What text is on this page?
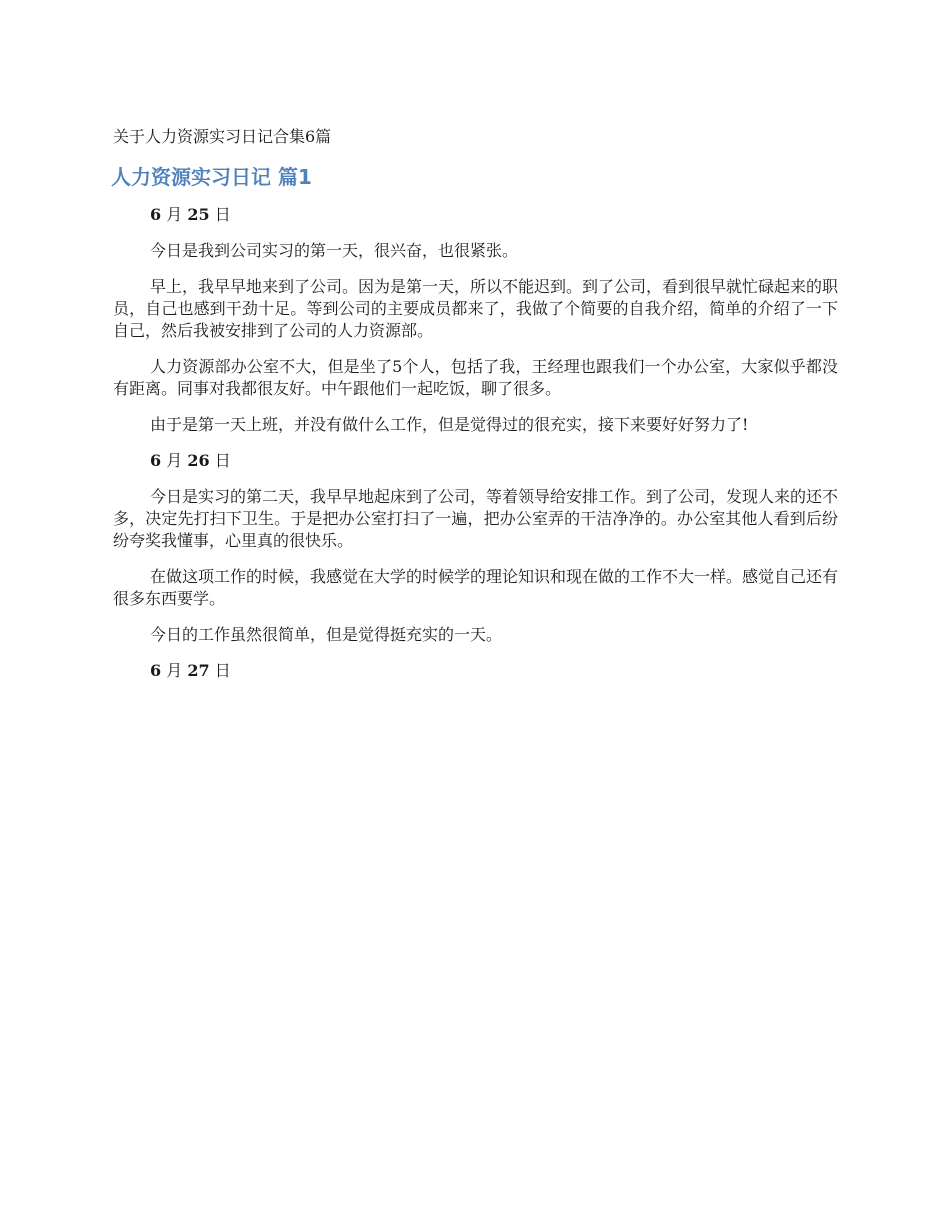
关于人力资源实习日记合集6篇

人力资源实习日记 篇1

6 月 25 日

今日是我到公司实习的第一天，很兴奋，也很紧张。

早上，我早早地来到了公司。因为是第一天，所以不能迟到。到了公司，看到很早就忙碌起来的职员，自己也感到干劲十足。等到公司的主要成员都来了，我做了个简要的自我介绍，简单的介绍了一下自己，然后我被安排到了公司的人力资源部。

人力资源部办公室不大，但是坐了5个人，包括了我，王经理也跟我们一个办公室，大家似乎都没有距离。同事对我都很友好。中午跟他们一起吃饭，聊了很多。

由于是第一天上班，并没有做什么工作，但是觉得过的很充实，接下来要好好努力了!

6 月 26 日

今日是实习的第二天，我早早地起床到了公司，等着领导给安排工作。到了公司，发现人来的还不多，决定先打扫下卫生。于是把办公室打扫了一遍，把办公室弄的干洁净净的。办公室其他人看到后纷纷夸奖我懂事，心里真的很快乐。

在做这项工作的时候，我感觉在大学的时候学的理论知识和现在做的工作不大一样。感觉自己还有很多东西要学。

今日的工作虽然很简单，但是觉得挺充实的一天。

6 月 27 日
